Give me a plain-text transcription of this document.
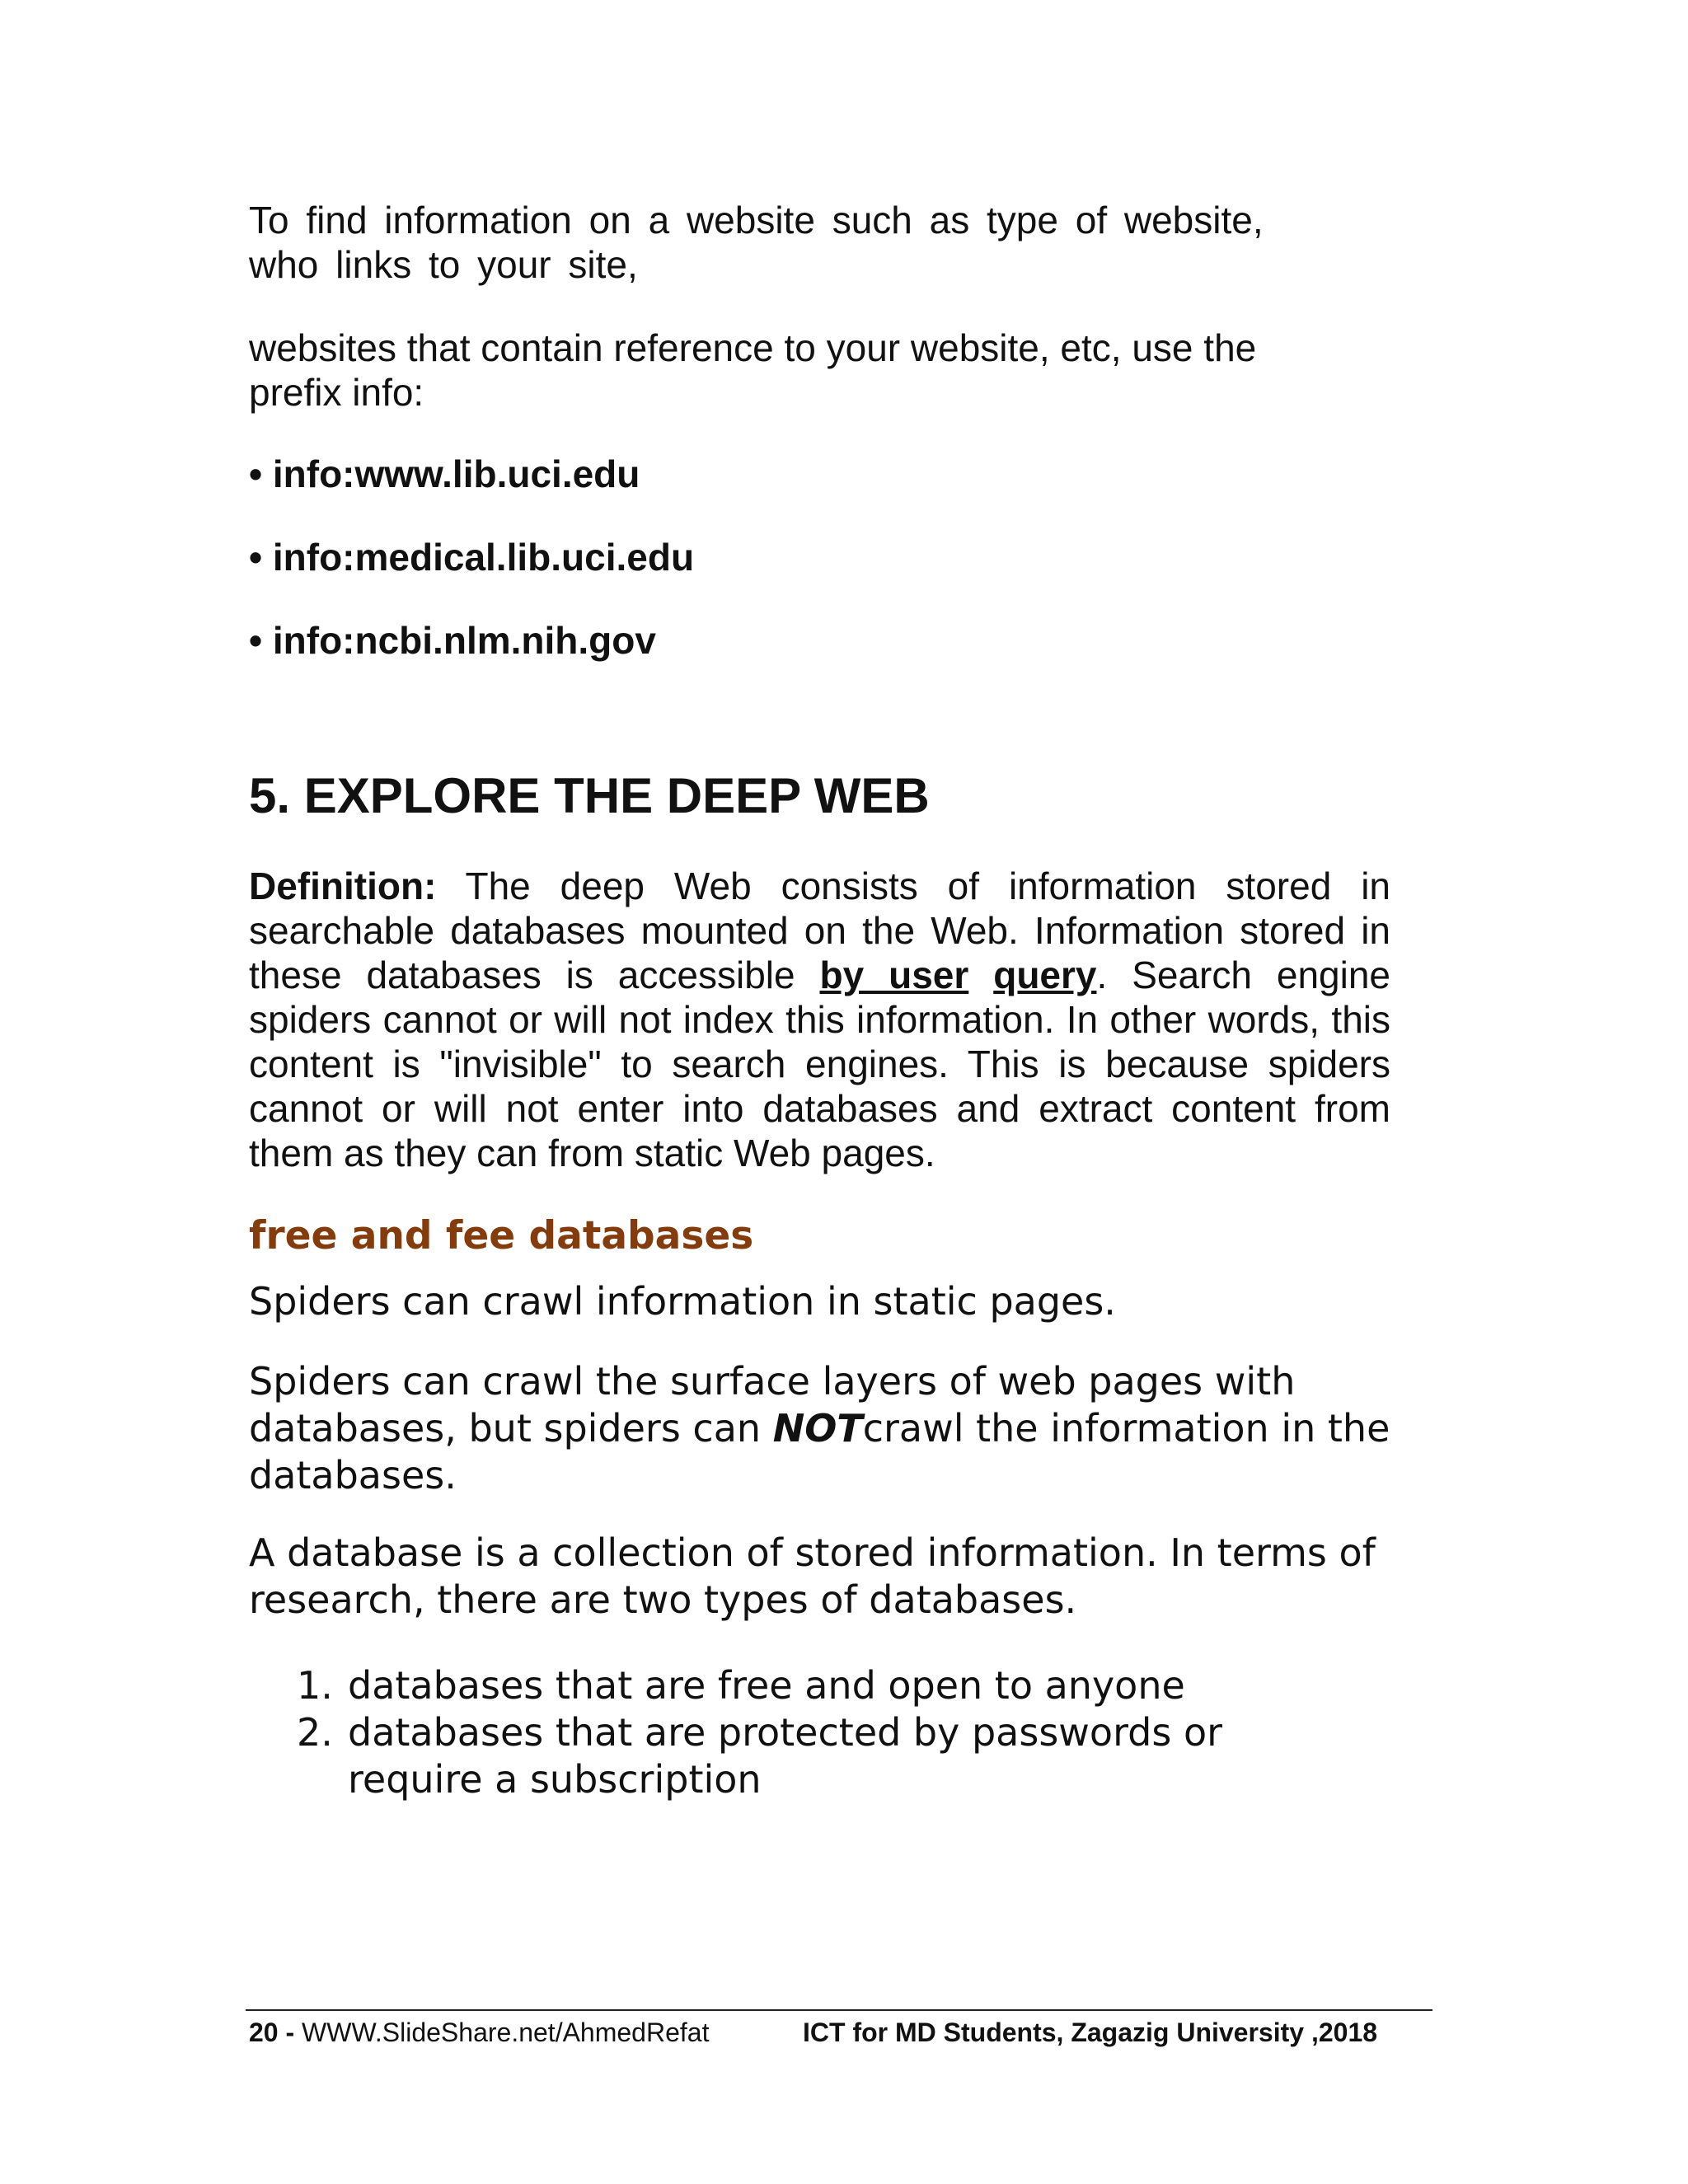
To find information on a website such as type of website, who links to your site,

websites that contain reference to your website, etc, use the prefix info:

• info:www.lib.uci.edu

• info:medical.lib.uci.edu

• info:ncbi.nlm.nih.gov

5. EXPLORE THE DEEP WEB

Definition: The deep Web consists of information stored in searchable databases mounted on the Web. Information stored in these databases is accessible by user query. Search engine spiders cannot or will not index this information. In other words, this content is "invisible" to search engines. This is because spiders cannot or will not enter into databases and extract content from them as they can from static Web pages.

free and fee databases

Spiders can crawl information in static pages.

Spiders can crawl the surface layers of web pages with databases, but spiders can NOTcrawl the information in the databases.

A database is a collection of stored information. In terms of research, there are two types of databases.

1. databases that are free and open to anyone
2. databases that are protected by passwords or require a subscription
20 - WWW.SlideShare.net/AhmedRefat	ICT for MD Students, Zagazig University ,2018
